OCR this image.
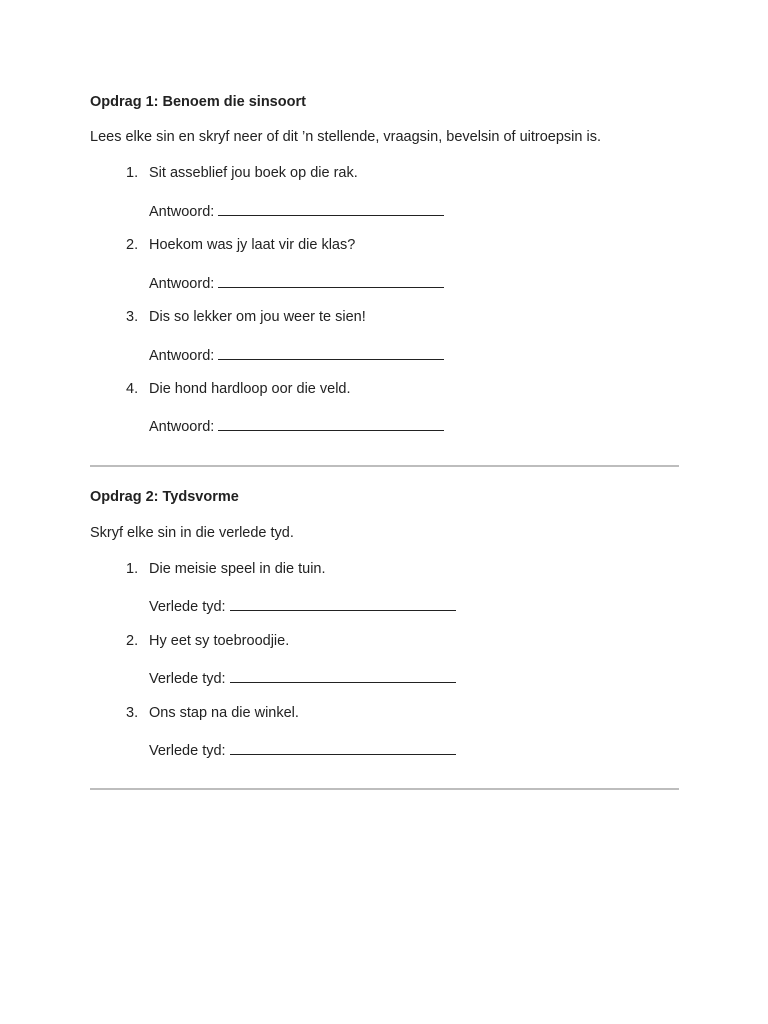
Opdrag 1: Benoem die sinsoort
Lees elke sin en skryf neer of dit ’n stellende, vraagsin, bevelsin of uitroepsin is.
1. Sit asseblief jou boek op die rak.
Antwoord:
2. Hoekom was jy laat vir die klas?
Antwoord:
3. Dis so lekker om jou weer te sien!
Antwoord:
4. Die hond hardloop oor die veld.
Antwoord:
Opdrag 2: Tydsvorme
Skryf elke sin in die verlede tyd.
1. Die meisie speel in die tuin.
Verlede tyd:
2. Hy eet sy toebroodjie.
Verlede tyd:
3. Ons stap na die winkel.
Verlede tyd:
